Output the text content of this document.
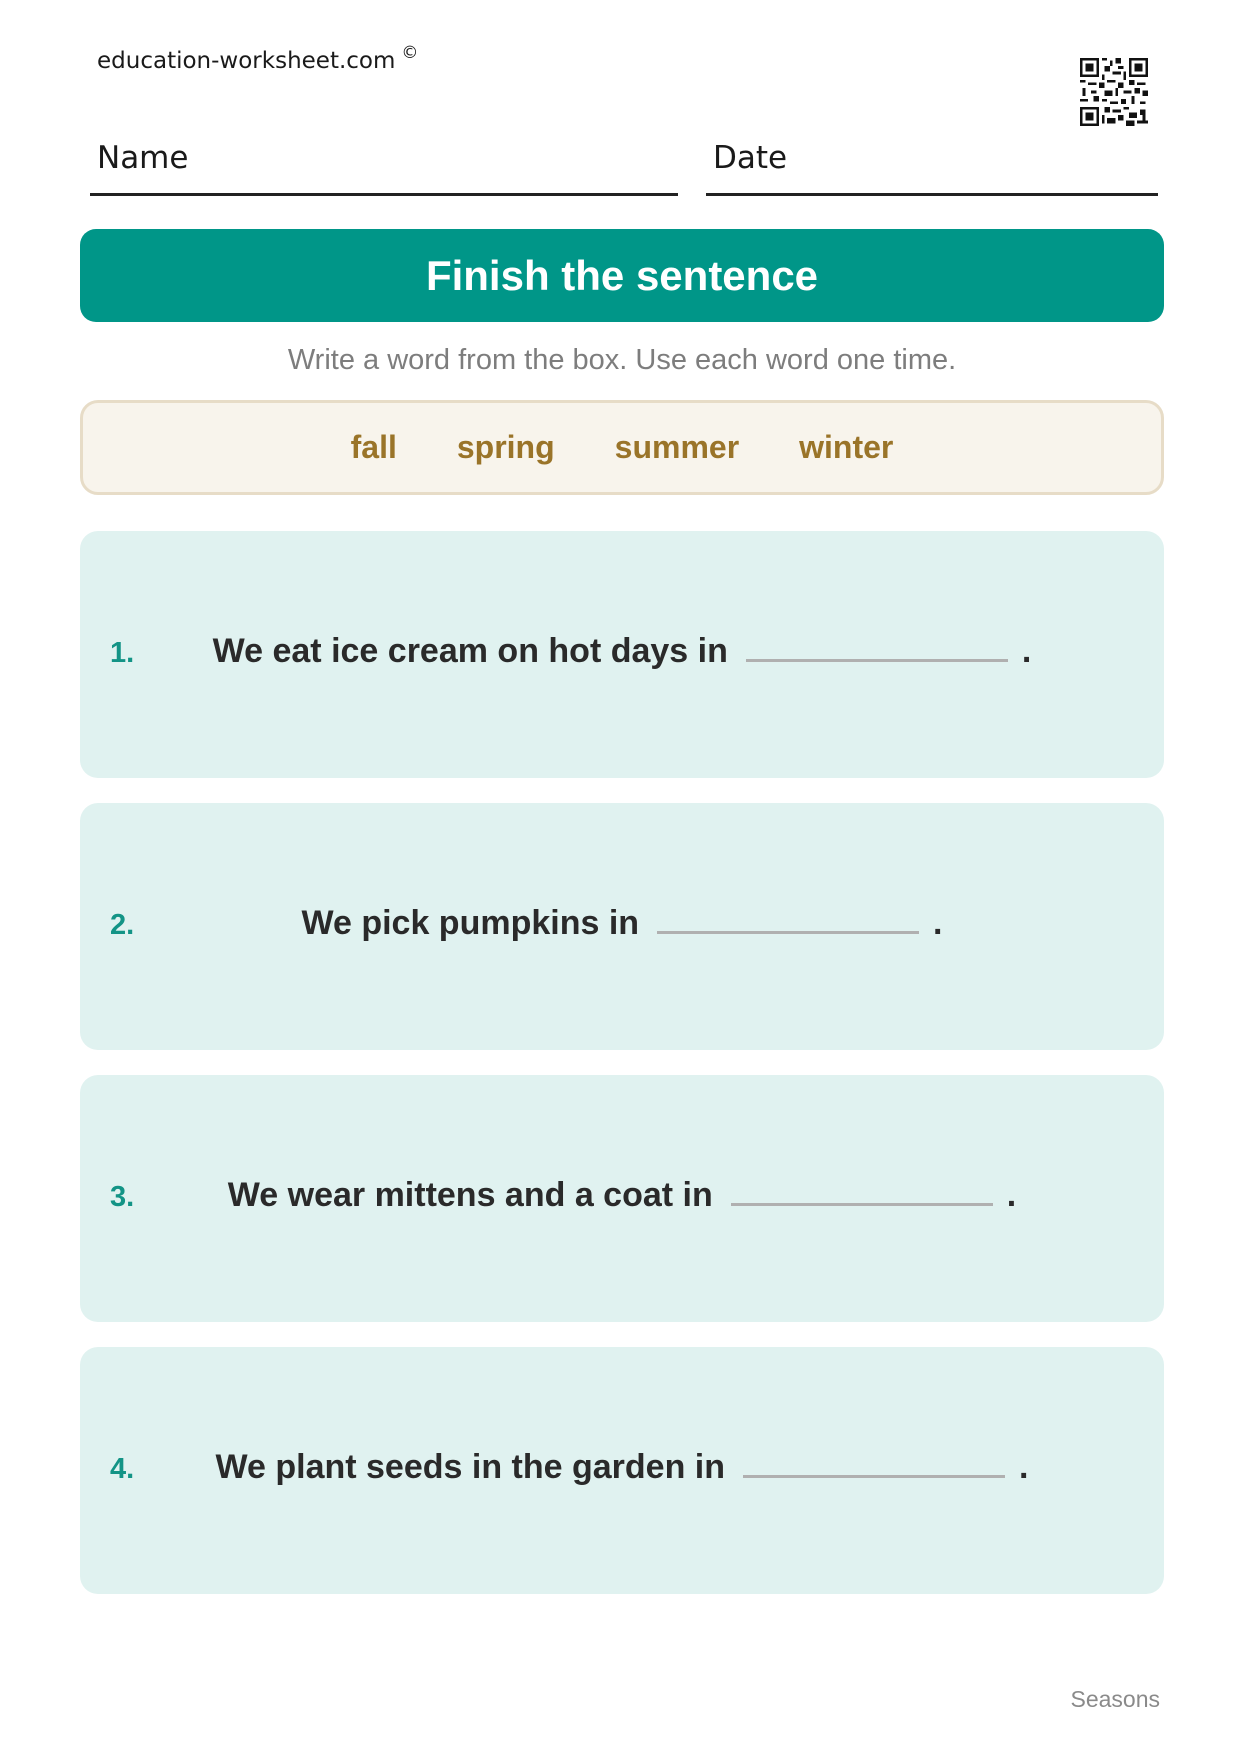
education-worksheet.com ©
Name	Date
Finish the sentence
Write a word from the box. Use each word one time.
fall spring summer winter
1. We eat ice cream on hot days in	.
2.	We pick pumpkins in	.
3.	We wear mittens and a coat in	.
4. We plant seeds in the garden in	.
Seasons
